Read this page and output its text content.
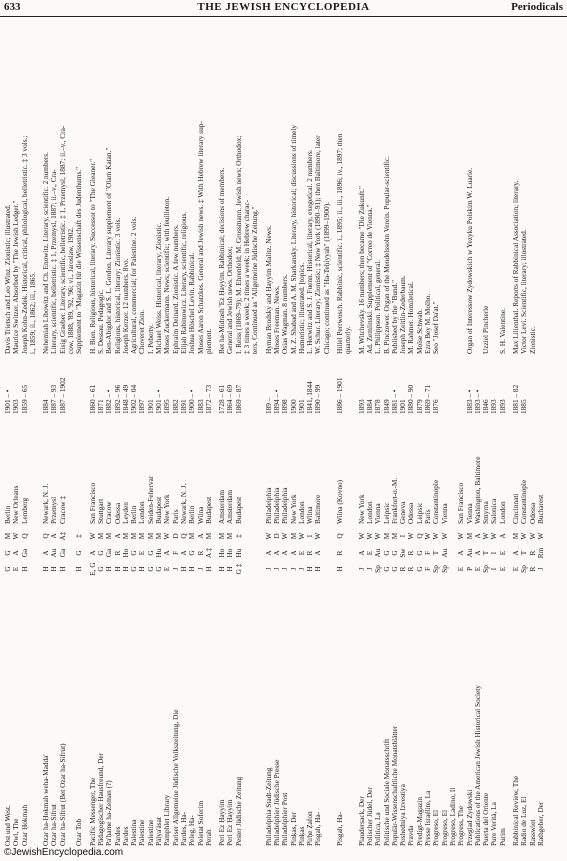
633	THE JEWISH ENCYCLOPEDIA	Periodicals
Ost und West.
G
G
M
Berlin
1901 – •
Davis Trietsch and Leo Winz. Zionistic; illustrated.
Owl, The
E
A
W
New Orleans
1903
Maurice Switzer. Absorbed by "The Jewish Ledger."
Ozar Ḥokmah
H
Ga
Q
Lemberg
1859 – 65
Joseph Kohn-Zedek. Historical, critical, philological, belletristic. ‡ 3 vols.; i., 1859; ii., 1862; iii., 1865.
Ozar ha-Ḥokmah weha-Madda'
H
A
Q
Newark, N. J.
1884
Nehemiah Libowitz and Ch. Enowitz. Literary, scientific. 2 numbers.
Ozar ha-Sifrut
H
Au
A
Przemysl
1887 – 93
Literary, scientific, belletristic. ‡ 1, Przemysl, 1887; ii.–v., Cra-
Ozar ha-Sifrut (Bet Ozar ha-Sifrut)
H
Ga
A‡
Cracow ‡
1887 – 1902
Eisig Graeber. Literary, scientific, belletristic. ‡ 1, Przemysl, 1887; ii.–v., Cra- cow, 1888, '89, '92, '96; vi., Jaroslaw, 1902.
Ozar Tob
H
G
‡
Supplement to "Magazin für die Wissenschaft des Judenthums."
Pacific Messenger, The
E, G
A
W
San Francisco
1860 – 61
H. Bien. Religious, historical, literary. Successor to "The Gleaner."
Pädagogischer Hausfreund, Der
G
G
M
Stuttgart
1871
S. Dessau. Pedagogic.
Pa'ḥame ha-Zeman (?)
H
Ga
M
Cracow
1882 – •
Ben-Abigdor and S. L. Gordon. Literary supplement of "Olam Katan."
Pardes
H
R
A
Odessa
1892 – 96
Religious, historical, literary; Zionistic. 3 vols.
Pardes
H
Ho
M
Leyden
1848 – 49
Joseph Kerzer. 12 numbers. 8vo.
Palestina
G
G
M
Berlin
1902 – 04
Agricultural, commercial; for Palestine. 2 vols.
Palestine
H
E
M
London
1897
Choveret Zion.
Palestine
G
G
M
Seiden-Fehervar
1901
I. Peberty.
Pálya'ásat
G
Hu
M
Budapest
1901 – •
Michael Weiss. Historical, literary; Zionistic.
Pamphlet Library
E
A
W
New York
1895
Moses Zuckermann. News; scientific; with feuilleton.
Pariser Allgemeine Jüdische Volkszeitung, Die
J
F
D
Paris
1882
Ephraim Deinard. Zionistic. A few numbers.
Pardes, Ha-
H
A
Q
Newark, N. J.
1891
Elijah Rabinowicz. Literary, scientific, religious.
Peleg, Ha-
H
G
M
Berlin
1900 – •
Joshua Höschel Levin. Rabbinical.
Peletat Soferim
J
R
A
Wilna
1883
Moses Aaron Schatzkes. General and Jewish news. ‡ With Hebrew literary sup-
Perah
H
A ‡
M
Budapest
1872 – 73
plement.
Peri Ez Ḥayyim
H
Ho
M
Amsterdam
1728 – 61
Bet ha-Midrash 'Ez Ḥayyim. Rabbinical; decisions of members.
Peri Ez Ḥayyim
H
Ho
M
Amsterdam
1864 – 69
General and Jewish news. Orthodox;
Pester Jüdische Zeitung
G ‡
Hu
‡
Budapest
1869 – 87
I. Reiss (1869–79); M. Ehrenfeld; M. Grossmann. Jewish news; Orthodox; ‡ 3 times a week; 2 times a week; in Hebrew charac- ters. Continued as "Allgemeine Jüdische Zeitung."
Philadelphia Stadt-Zeitung
J
A
W
Philadelphia
189 –
Hyman Brodsky and Ḥayyim Malitz. News.
Philadelphier Jüdische Presse
J
A
D
Philadelphia
1894 – •
Moses Freeman. News.
Philadelphier Post
J
A
W
Philadelphia
1898
Osias Wagman. 8 numbers.
Pinḳas, Der
J
A
M
New York
1900
M. Z. Shabad and A. M. Sharkansky. Literary, historical; discussions of timely
Pinḳas
J
E
W
London
1901
Humoristic; illustrated. [topics.
Pirḥe Ẓafon
H
R
I
Wilna
1841, 1844
L. Horwitz and S. J. Fuenn. Historical, literary, exegetical. 2 numbers.
Pisgah, Ha-
H
A
W
Baltimore
1890 – 99
W. Schur. Literary; Zionistic; ‡ New York (1890–91); then Baltimore, later Chicago; continued as "Ha-Teḥiyyah" (1899–1900).
Pisgah, Ha-
H
R
Q
Wilna (Kovno)
1886 – 1901
Hillel Perrwosch. Rabbinic, scientific. i., 1895; ii., iii., 1896; iv., 1897; then quarterly.
Plaudersack, Der
J
A
W
New York
1893
M. Witchevsky. 16 numbers; then became "Die Zukunft."
Polischer Jüdel, Der
J
E
W
London
1884
Ad. Zemlinski. Supplement of "Correo de Vienna."
Politica, La
Sp
Au
W
Vienna
1878
L. Philippson. Political, general.
Politische und Sociale Monatsschrift
G
G
M
Leipsic
1849
B. Pinczower. Organ of the Mendelssohn Verein. Popular-scientific.
Populär-Wissenschaftliche Monatsblätter
G
G
M
Frankfort-o.-M.
1881 – •
Published by the "Bund."
Poshedniya Izvestiya
R
Sw
I
Geneva
1901
Joseph Zeitlin-Zederbaum.
Pravda
R
R
W
Odessa
1880 – 90
M. Rahmer. Homiletical.
Predigt-Magazin
G
G
Q
Leipsic
1879
Moïse Schwab.
Presse Israélite, La
F
F
W
Paris
1869 – 71
Ezra Bey M. Molho.
Progreso, El
Sp
T
W
Constantinople
1876
Seo "Josef Da'at."
Progreso, El
Sp
Au
W
Vienna
Progreso, Ladino, Il Progress, The
E
A
W
San Francisco
Przeglad Zydowski
P
Au
M
Vienna
1883 – •
Organ of Interessow Zydowskich w Yezyku Polskim W. Luarie.
Publications of the American Jewish Historical Society
E
A
A
Washington, Baltimore
1893 – •
Puerta del Oriente
Sp
T
W
Smyrna
1846
Uzziel Pincherle
Pure Verità, La
I
I
W
Salonica
1893
Purim
E
E
A
London
1893
S. H. Valentine.
Rabbinical Review, The
E
A
M
Cincinnati
1881 – 82
Max Lilienthal. Reports of Rabbinical Association; literary.
Radio de Luz, El
Sp
T
W
Constantinople
1885
Victor Levi. Scientific, literary; illustrated.
Rasswiet
R
R
W
Odessa
Zionistic.
Rathgeber, Der
J
Rm
W
Bucharest
©JewishEncyclopedia.com
